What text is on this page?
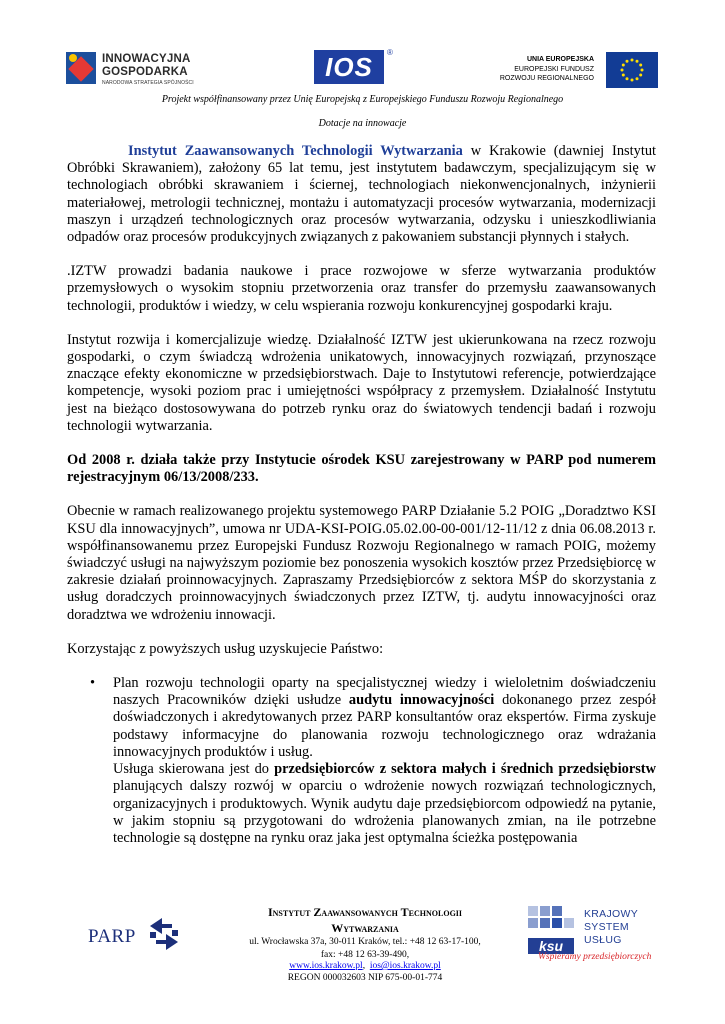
INNOWACYJNA
GOSPODARKA
NARODOWA STRATEGIA SPÓJNOŚCI
IOS	®
UNIA EUROPEJSKA
EUROPEJSKI FUNDUSZ
ROZWOJU REGIONALNEGO
Projekt współfinansowany przez Unię Europejską z Europejskiego Funduszu Rozwoju Regionalnego
Dotacje na innowacje

Instytut Zaawansowanych Technologii Wytwarzania w Krakowie (dawniej Instytut Obróbki Skrawaniem), założony 65 lat temu, jest instytutem badawczym, specjalizującym się w technologiach obróbki skrawaniem i ściernej, technologiach niekonwencjonalnych, inżynierii materiałowej, metrologii technicznej, montażu i automatyzacji procesów wytwarzania, modernizacji maszyn i urządzeń technologicznych oraz procesów wytwarzania, odzysku i unieszkodliwiania odpadów oraz procesów produkcyjnych związanych z pakowaniem substancji płynnych i stałych.

.IZTW prowadzi badania naukowe i prace rozwojowe w sferze wytwarzania produktów przemysłowych o wysokim stopniu przetworzenia oraz transfer do przemysłu zaawansowanych technologii, produktów i wiedzy, w celu wspierania rozwoju konkurencyjnej gospodarki kraju.

Instytut rozwija i komercjalizuje wiedzę. Działalność IZTW jest ukierunkowana na rzecz rozwoju gospodarki, o czym świadczą wdrożenia unikatowych, innowacyjnych rozwiązań, przynoszące znaczące efekty ekonomiczne w przedsiębiorstwach. Daje to Instytutowi referencje, potwierdzające kompetencje, wysoki poziom prac i umiejętności współpracy z przemysłem. Działalność Instytutu jest na bieżąco dostosowywana do potrzeb rynku oraz do światowych tendencji badań i rozwoju technologii wytwarzania.

Od 2008 r. działa także przy Instytucie ośrodek KSU zarejestrowany w PARP pod numerem rejestracyjnym 06/13/2008/233.

Obecnie w ramach realizowanego projektu systemowego PARP Działanie 5.2 POIG „Doradztwo KSI KSU dla innowacyjnych”, umowa nr UDA-KSI-POIG.05.02.00-00-001/12-11/12 z dnia 06.08.2013 r. współfinansowanemu przez Europejski Fundusz Rozwoju Regionalnego w ramach POIG, możemy świadczyć usługi na najwyższym poziomie bez ponoszenia wysokich kosztów przez Przedsiębiorcę w zakresie działań proinnowacyjnych. Zapraszamy Przedsiębiorców z sektora MŚP do skorzystania z usług doradczych proinnowacyjnych świadczonych przez IZTW, tj. audytu innowacyjności oraz doradztwa we wdrożeniu innowacji.

Korzystając z powyższych usług uzyskujecie Państwo:

• Plan rozwoju technologii oparty na specjalistycznej wiedzy i wieloletnim doświadczeniu naszych Pracowników dzięki usłudze audytu innowacyjności dokonanego przez zespół doświadczonych i akredytowanych przez PARP konsultantów oraz ekspertów. Firma zyskuje podstawy informacyjne do planowania rozwoju technologicznego oraz wdrażania innowacyjnych produktów i usług.

Usługa skierowana jest do przedsiębiorców z sektora małych i średnich przedsiębiorstw planujących dalszy rozwój w oparciu o wdrożenie nowych rozwiązań technologicznych, organizacyjnych i produktowych. Wynik audytu daje przedsiębiorcom odpowiedź na pytanie, w jakim stopniu są przygotowani do wdrożenia planowanych zmian, na ile potrzebne technologie są dostępne na rynku oraz jaka jest optymalna ścieżka postępowania

PARP
Instytut Zaawansowanych Technologii
Wytwarzania
ul. Wrocławska 37a, 30-011 Kraków, tel.: +48 12 63-17-100,
fax: +48 12 63-39-490,
www.ios.krakow.pl, ios@ios.krakow.pl
REGON 000032603 NIP 675-00-01-774
ksu
KRAJOWY
SYSTEM
USŁUG
Wspieramy przedsiębiorczych
